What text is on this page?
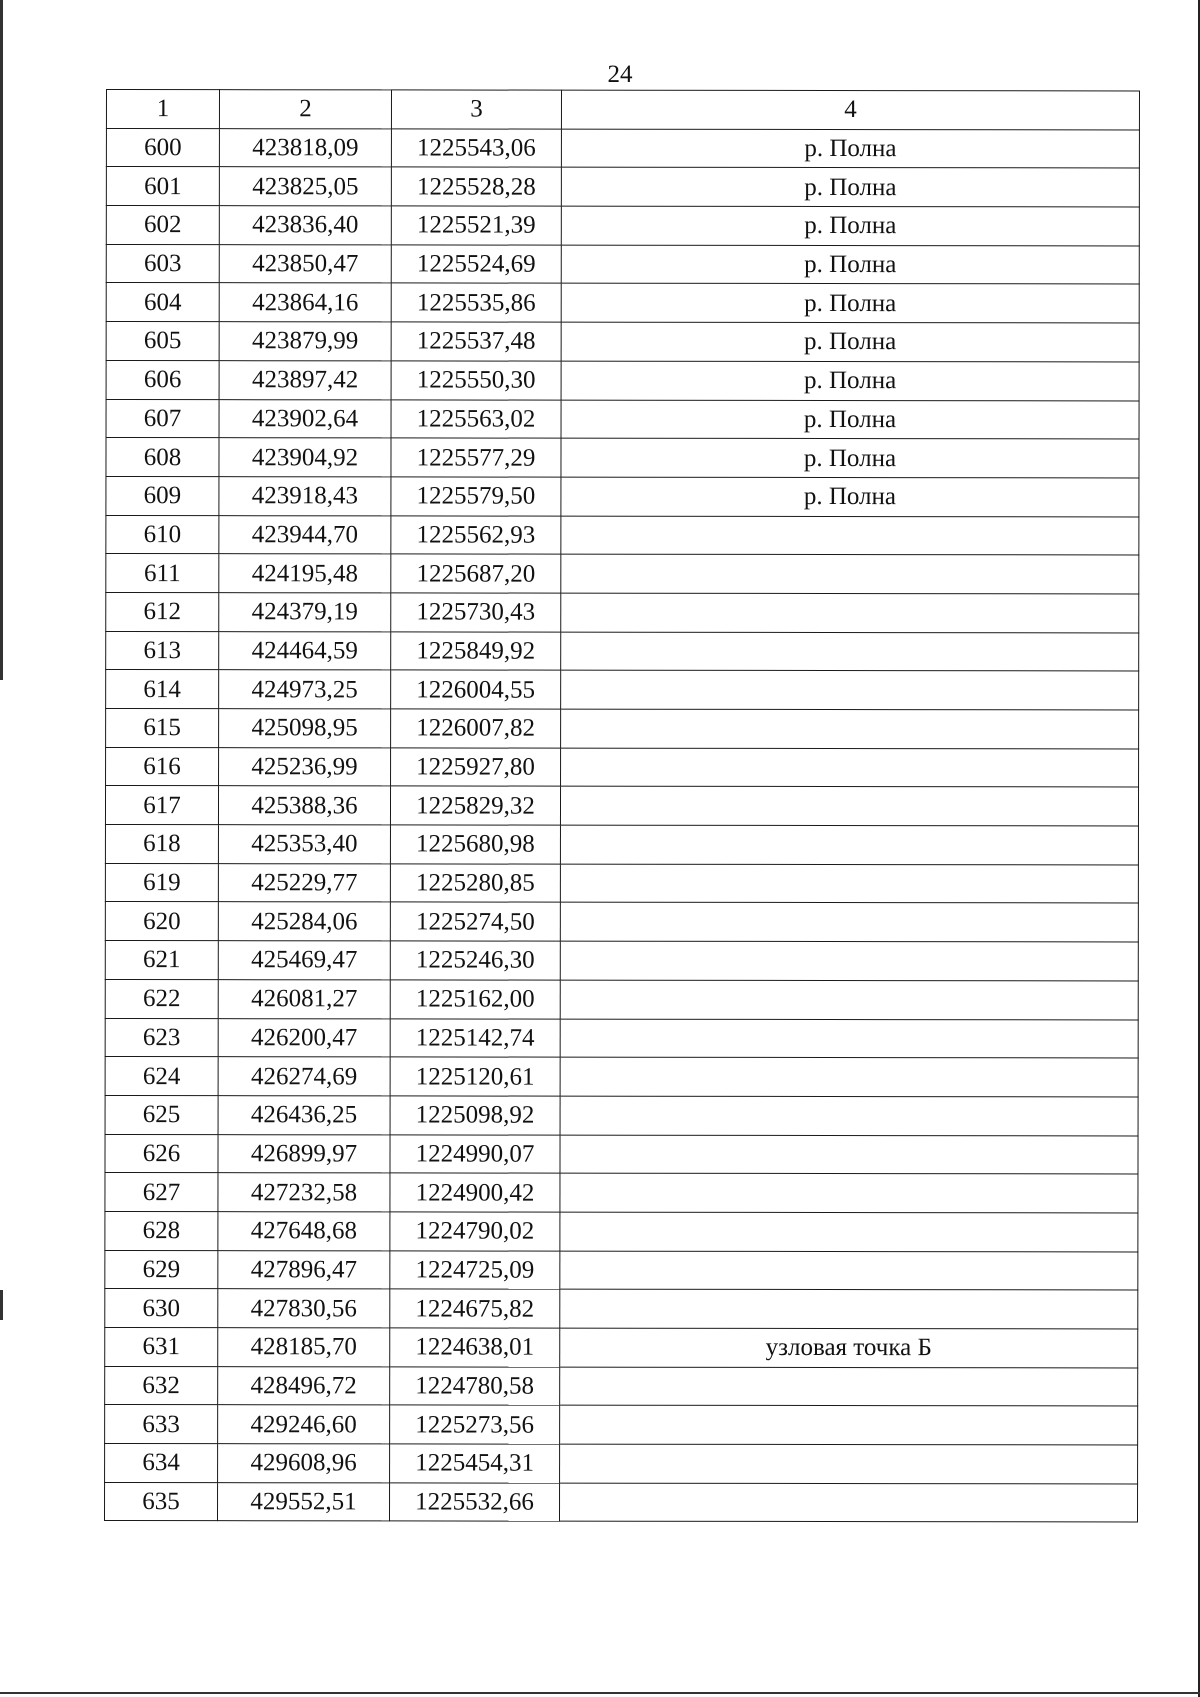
24
1	2	3	4
600	423818,09	1225543,06	р. Полна
601	423825,05	1225528,28	р. Полна
602	423836,40	1225521,39	р. Полна
603	423850,47	1225524,69	р. Полна
604	423864,16	1225535,86	р. Полна
605	423879,99	1225537,48	р. Полна
606	423897,42	1225550,30	р. Полна
607	423902,64	1225563,02	р. Полна
608	423904,92	1225577,29	р. Полна
609	423918,43	1225579,50	р. Полна
610	423944,70	1225562,93	
611	424195,48	1225687,20	
612	424379,19	1225730,43	
613	424464,59	1225849,92	
614	424973,25	1226004,55	
615	425098,95	1226007,82	
616	425236,99	1225927,80	
617	425388,36	1225829,32	
618	425353,40	1225680,98	
619	425229,77	1225280,85	
620	425284,06	1225274,50	
621	425469,47	1225246,30	
622	426081,27	1225162,00	
623	426200,47	1225142,74	
624	426274,69	1225120,61	
625	426436,25	1225098,92	
626	426899,97	1224990,07	
627	427232,58	1224900,42	
628	427648,68	1224790,02	
629	427896,47	1224725,09	
630	427830,56	1224675,82	
631	428185,70	1224638,01	узловая точка Б
632	428496,72	1224780,58	
633	429246,60	1225273,56	
634	429608,96	1225454,31	
635	429552,51	1225532,66	
